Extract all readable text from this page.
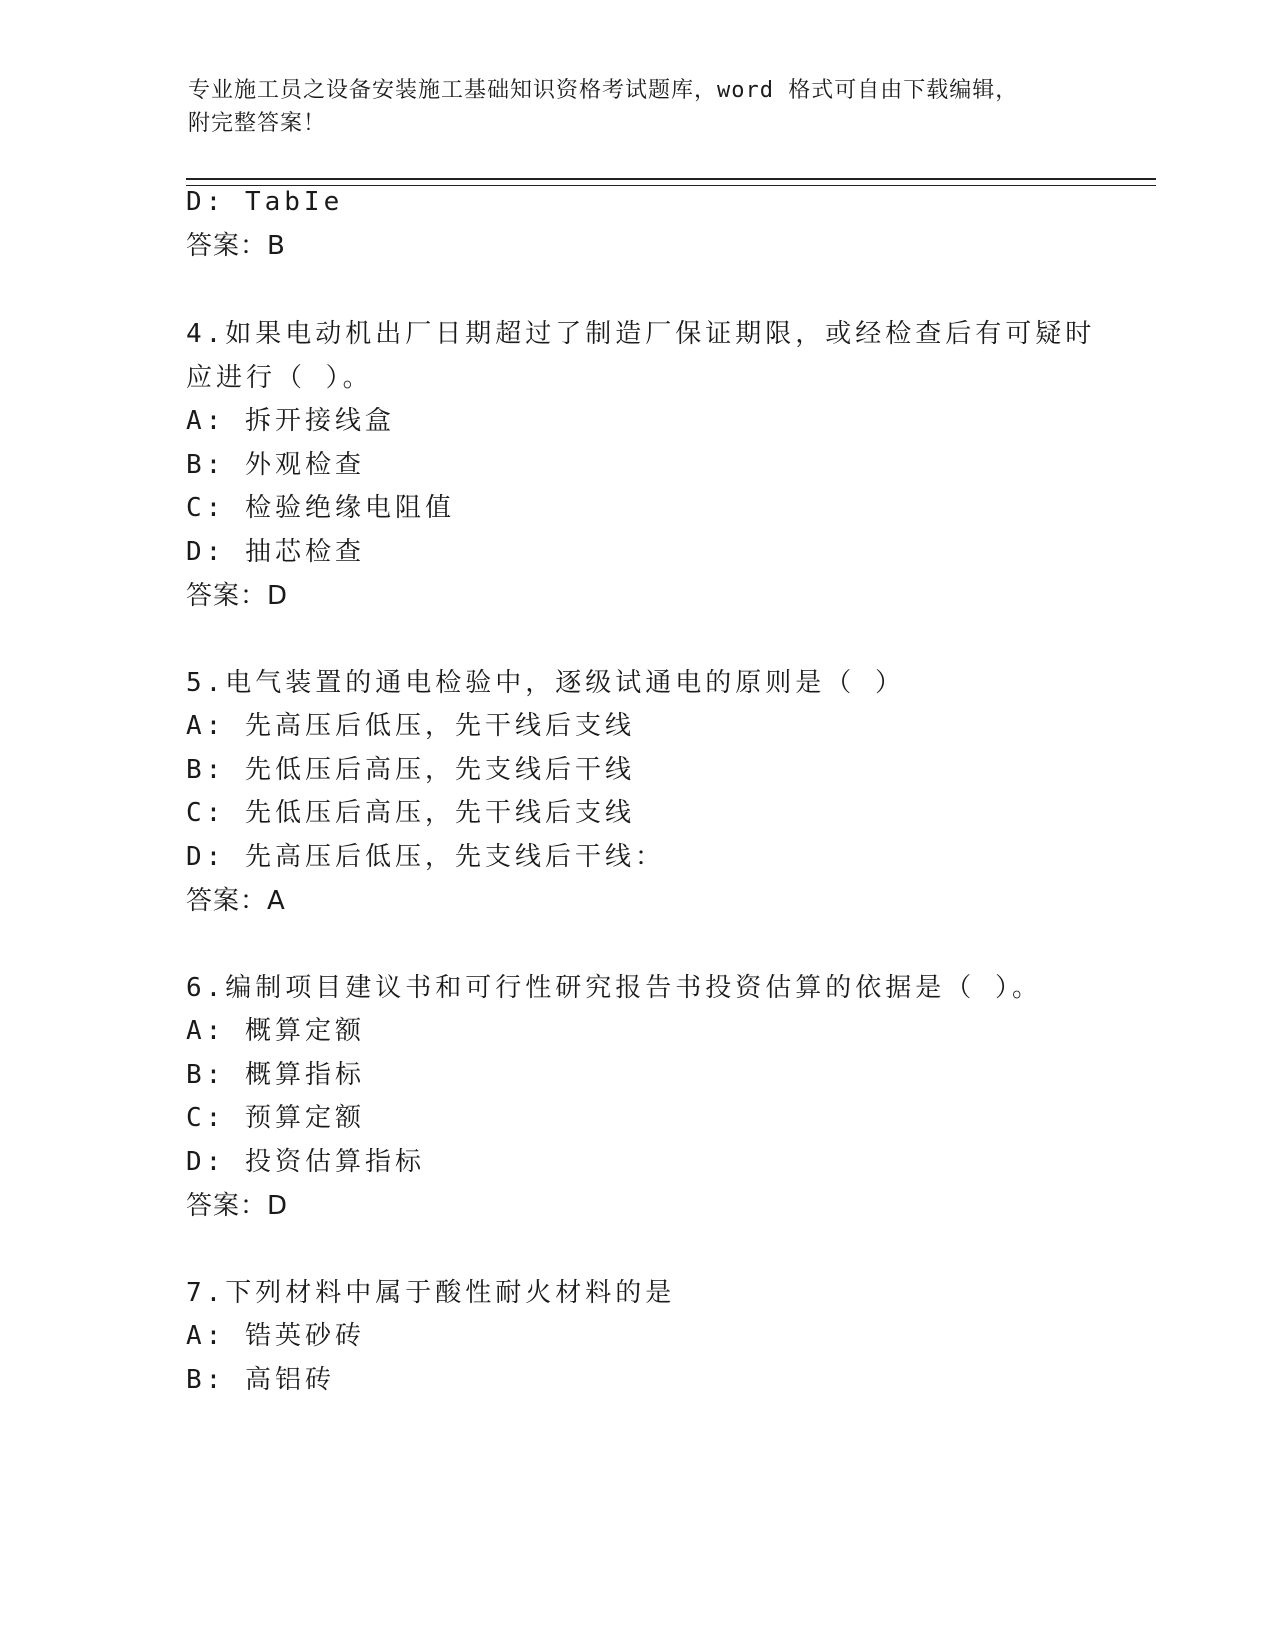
专业施工员之设备安装施工基础知识资格考试题库，word 格式可自由下载编辑，
附完整答案！
D: TabIe
答案：B
4.如果电动机出厂日期超过了制造厂保证期限，或经检查后有可疑时
应进行（ ）。
A: 拆开接线盒
B: 外观检查
C: 检验绝缘电阻值
D: 抽芯检查
答案：D
5.电气装置的通电检验中，逐级试通电的原则是（ ）
A: 先高压后低压，先干线后支线
B: 先低压后高压，先支线后干线
C: 先低压后高压，先干线后支线
D: 先高压后低压，先支线后干线：
答案：A
6.编制项目建议书和可行性研究报告书投资估算的依据是（ ）。
A: 概算定额
B: 概算指标
C: 预算定额
D: 投资估算指标
答案：D
7.下列材料中属于酸性耐火材料的是
A: 锆英砂砖
B: 高铝砖
